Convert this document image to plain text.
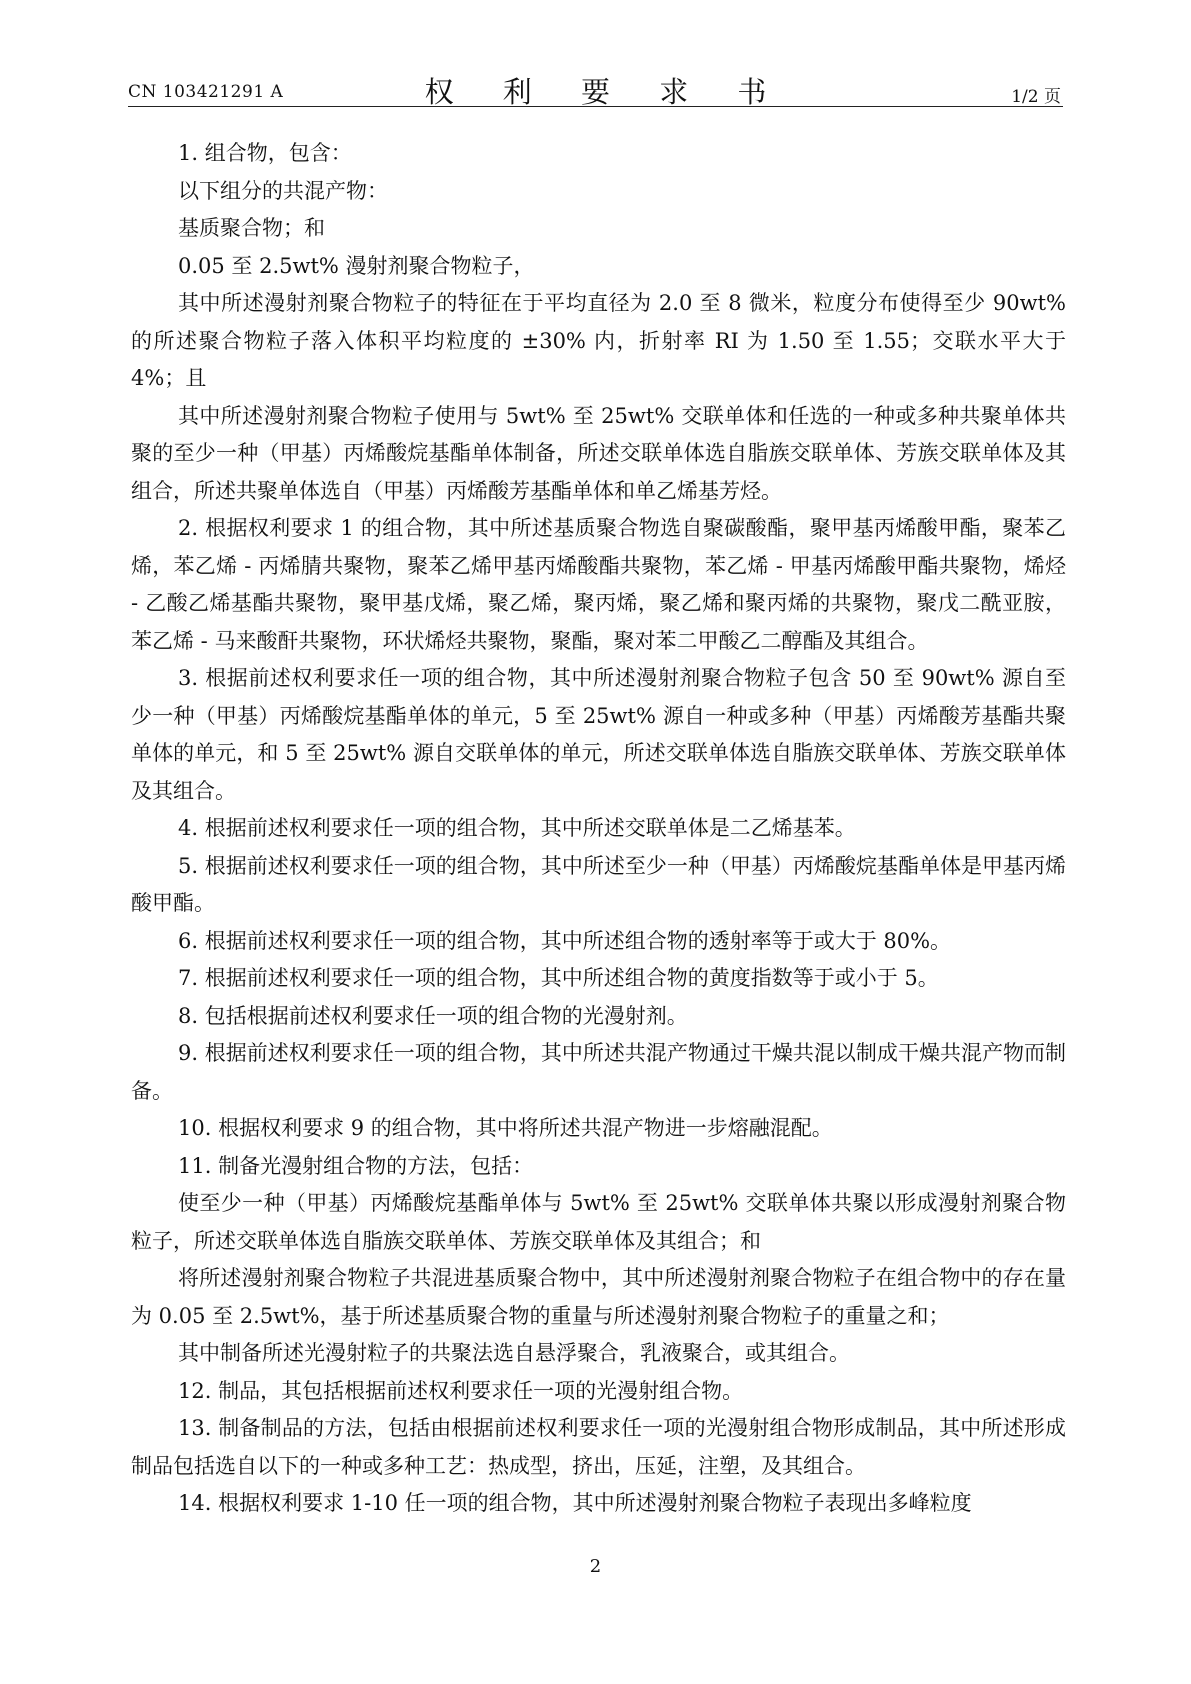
CN 103421291 A	权 利 要 求 书	1/2 页

1. 组合物，包含：

以下组分的共混产物：

基质聚合物；和

0.05 至 2.5wt% 漫射剂聚合物粒子，

其中所述漫射剂聚合物粒子的特征在于平均直径为 2.0 至 8 微米，粒度分布使得至少 90wt% 的所述聚合物粒子落入体积平均粒度的 ±30% 内，折射率 RI 为 1.50 至 1.55；交联水平大于 4%；且

其中所述漫射剂聚合物粒子使用与 5wt% 至 25wt% 交联单体和任选的一种或多种共聚单体共聚的至少一种（甲基）丙烯酸烷基酯单体制备，所述交联单体选自脂族交联单体、芳族交联单体及其组合，所述共聚单体选自（甲基）丙烯酸芳基酯单体和单乙烯基芳烃。

2. 根据权利要求 1 的组合物，其中所述基质聚合物选自聚碳酸酯，聚甲基丙烯酸甲酯，聚苯乙烯，苯乙烯 - 丙烯腈共聚物，聚苯乙烯甲基丙烯酸酯共聚物，苯乙烯 - 甲基丙烯酸甲酯共聚物，烯烃 - 乙酸乙烯基酯共聚物，聚甲基戊烯，聚乙烯，聚丙烯，聚乙烯和聚丙烯的共聚物，聚戊二酰亚胺，苯乙烯 - 马来酸酐共聚物，环状烯烃共聚物，聚酯，聚对苯二甲酸乙二醇酯及其组合。

3. 根据前述权利要求任一项的组合物，其中所述漫射剂聚合物粒子包含 50 至 90wt% 源自至少一种（甲基）丙烯酸烷基酯单体的单元，5 至 25wt% 源自一种或多种（甲基）丙烯酸芳基酯共聚单体的单元，和 5 至 25wt% 源自交联单体的单元，所述交联单体选自脂族交联单体、芳族交联单体及其组合。

4. 根据前述权利要求任一项的组合物，其中所述交联单体是二乙烯基苯。

5. 根据前述权利要求任一项的组合物，其中所述至少一种（甲基）丙烯酸烷基酯单体是甲基丙烯酸甲酯。

6. 根据前述权利要求任一项的组合物，其中所述组合物的透射率等于或大于 80%。

7. 根据前述权利要求任一项的组合物，其中所述组合物的黄度指数等于或小于 5。

8. 包括根据前述权利要求任一项的组合物的光漫射剂。

9. 根据前述权利要求任一项的组合物，其中所述共混产物通过干燥共混以制成干燥共混产物而制备。

10. 根据权利要求 9 的组合物，其中将所述共混产物进一步熔融混配。

11. 制备光漫射组合物的方法，包括：

使至少一种（甲基）丙烯酸烷基酯单体与 5wt% 至 25wt% 交联单体共聚以形成漫射剂聚合物粒子，所述交联单体选自脂族交联单体、芳族交联单体及其组合；和

将所述漫射剂聚合物粒子共混进基质聚合物中，其中所述漫射剂聚合物粒子在组合物中的存在量为 0.05 至 2.5wt%，基于所述基质聚合物的重量与所述漫射剂聚合物粒子的重量之和；

其中制备所述光漫射粒子的共聚法选自悬浮聚合，乳液聚合，或其组合。

12. 制品，其包括根据前述权利要求任一项的光漫射组合物。

13. 制备制品的方法，包括由根据前述权利要求任一项的光漫射组合物形成制品，其中所述形成制品包括选自以下的一种或多种工艺：热成型，挤出，压延，注塑，及其组合。

14. 根据权利要求 1-10 任一项的组合物，其中所述漫射剂聚合物粒子表现出多峰粒度

2
